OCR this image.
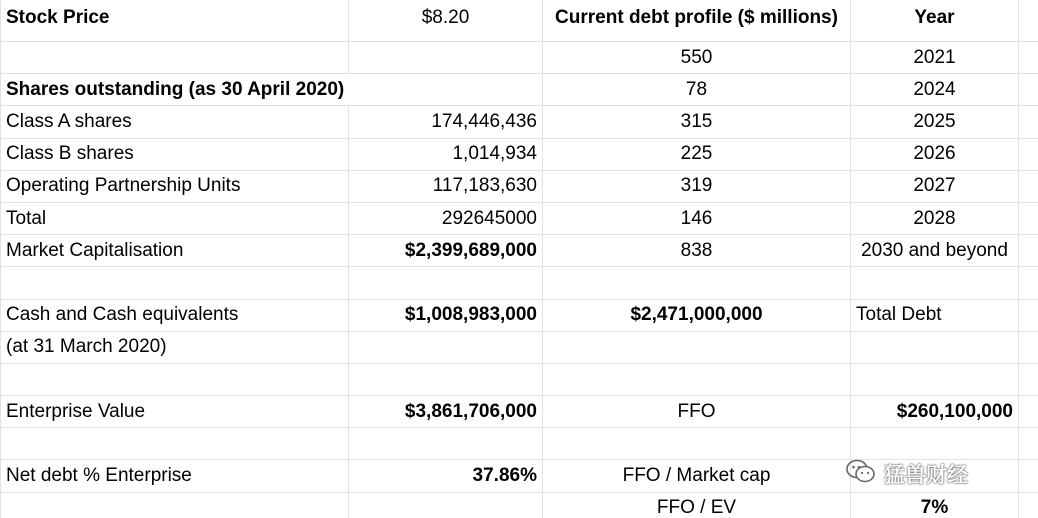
Stock Price	$8.20	Current debt profile ($ millions)	Year	
		550	2021	
Shares outstanding (as 30 April 2020)		78	2024	
Class A shares	174,446,436	315	2025	
Class B shares	1,014,934	225	2026	
Operating Partnership Units	117,183,630	319	2027	
Total	292645000	146	2028	
Market Capitalisation	$2,399,689,000	838	2030 and beyond	

Cash and Cash equivalents	$1,008,983,000	$2,471,000,000	Total Debt	
(at 31 March 2020)				

Enterprise Value	$3,861,706,000	FFO	$260,100,000	

Net debt % Enterprise	37.86%	FFO / Market cap		
		FFO / EV	7%	

猛兽财经
